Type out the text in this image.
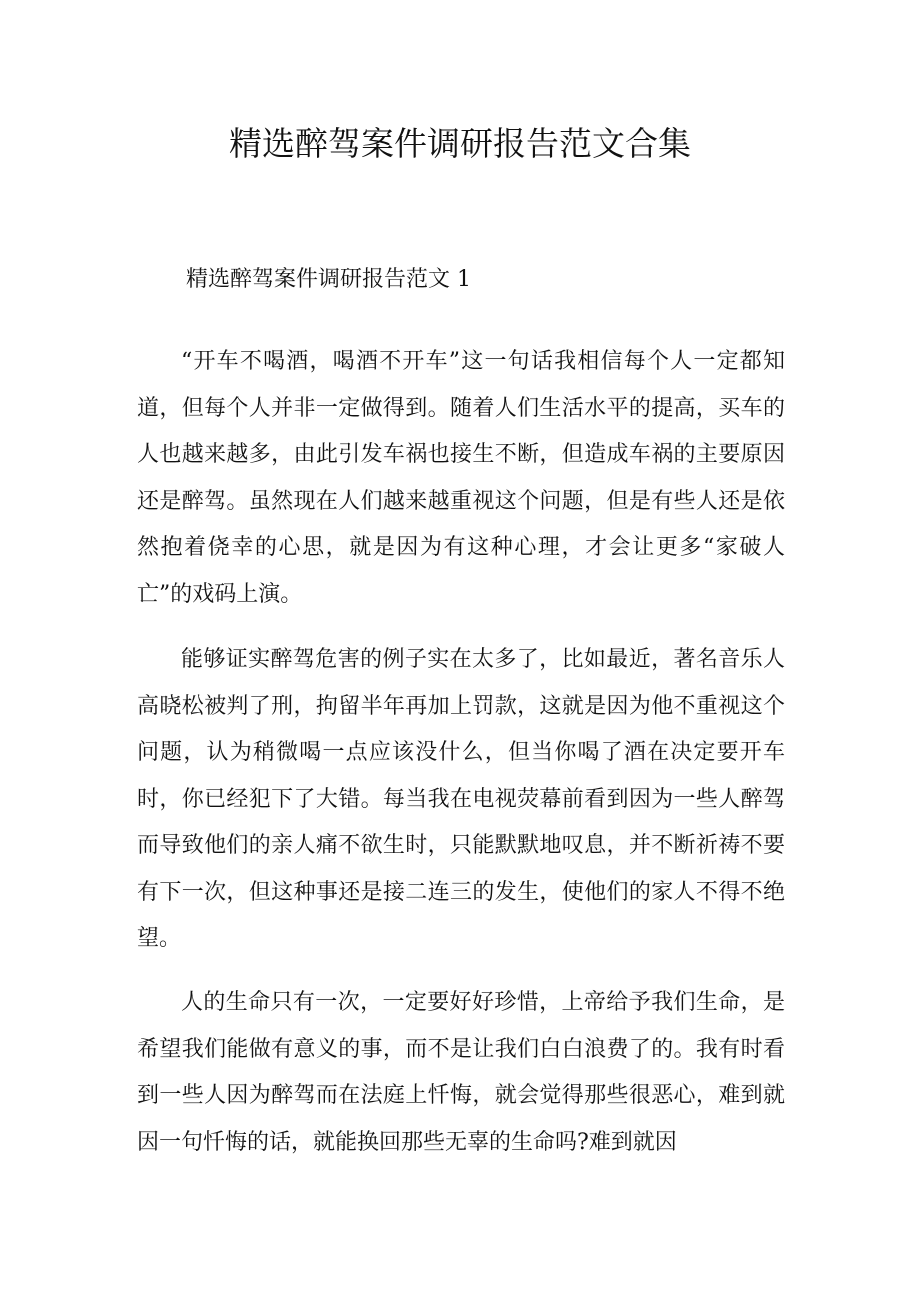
精选醉驾案件调研报告范文合集

精选醉驾案件调研报告范文 1

“开车不喝酒，喝酒不开车”这一句话我相信每个人一定都知道，但每个人并非一定做得到。随着人们生活水平的提高，买车的人也越来越多，由此引发车祸也接生不断，但造成车祸的主要原因还是醉驾。虽然现在人们越来越重视这个问题，但是有些人还是依然抱着侥幸的心思，就是因为有这种心理，才会让更多“家破人亡”的戏码上演。

能够证实醉驾危害的例子实在太多了，比如最近，著名音乐人高晓松被判了刑，拘留半年再加上罚款，这就是因为他不重视这个问题，认为稍微喝一点应该没什么，但当你喝了酒在决定要开车时，你已经犯下了大错。每当我在电视荧幕前看到因为一些人醉驾而导致他们的亲人痛不欲生时，只能默默地叹息，并不断祈祷不要有下一次，但这种事还是接二连三的发生，使他们的家人不得不绝望。

人的生命只有一次，一定要好好珍惜，上帝给予我们生命，是希望我们能做有意义的事，而不是让我们白白浪费了的。我有时看到一些人因为醉驾而在法庭上忏悔，就会觉得那些很恶心，难到就因一句忏悔的话，就能换回那些无辜的生命吗?难到就因
